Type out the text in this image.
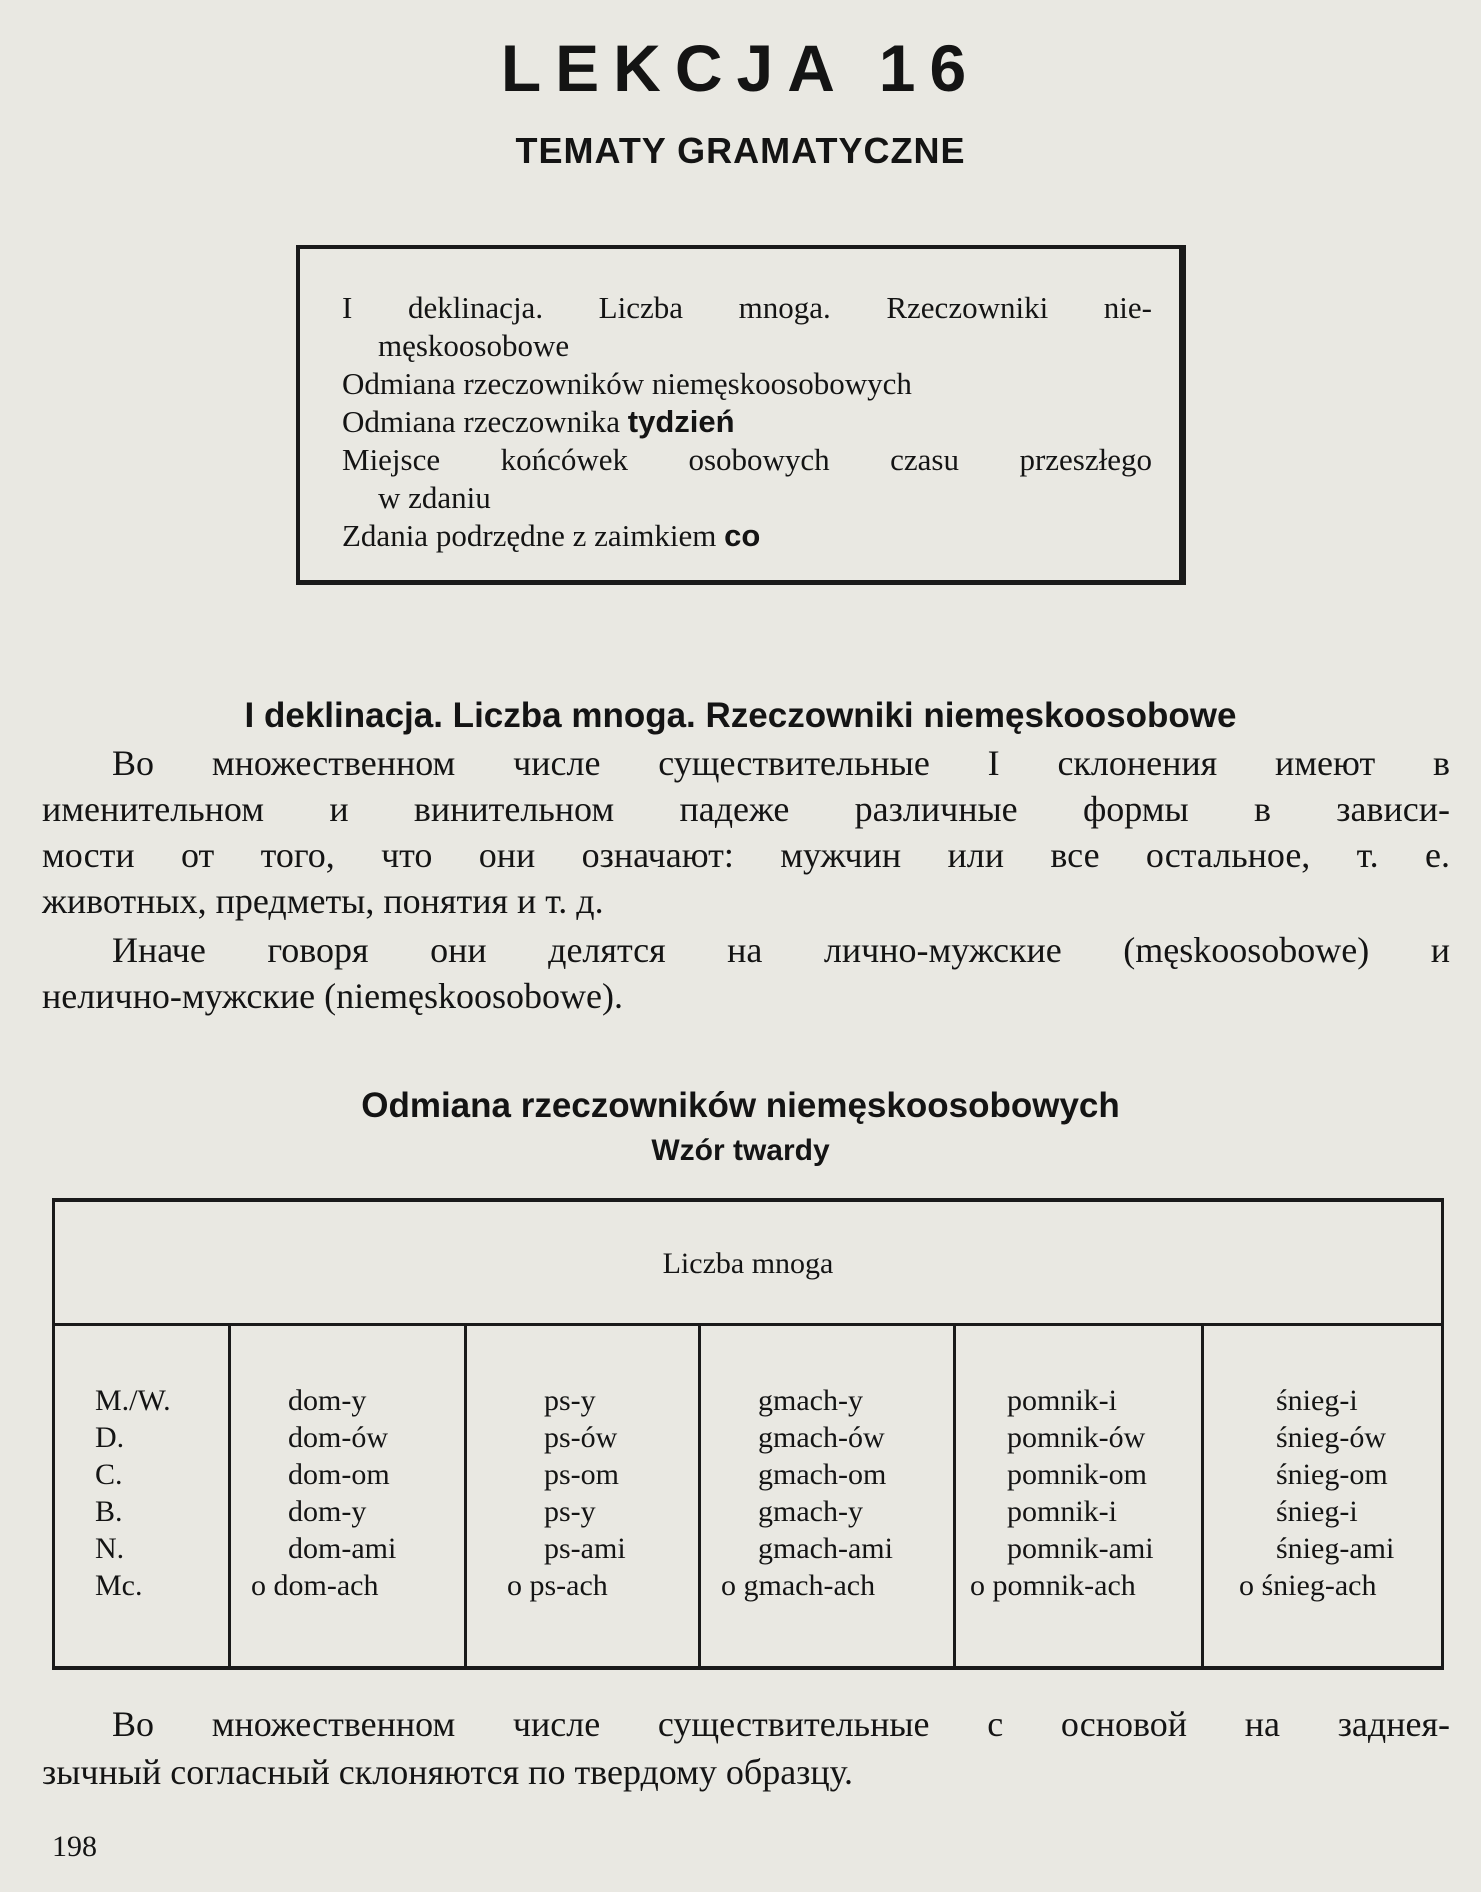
LEKCJA 16
TEMATY GRAMATYCZNE
I deklinacja. Liczba mnoga. Rzeczowniki nie-
męskoosobowe
Odmiana rzeczowników niemęskoosobowych
Odmiana rzeczownika tydzień
Miejsce końcówek osobowych czasu przeszłego
w zdaniu
Zdania podrzędne z zaimkiem co
I deklinacja. Liczba mnoga. Rzeczowniki niemęskoosobowe
Во множественном числе существительные I склонения имеют в
именительном и винительном падеже различные формы в зависи-
мости от того, что они означают: мужчин или все остальное, т. е.
животных, предметы, понятия и т. д.
Иначе говоря они делятся на лично-мужские (męskoosobowe) и
нелично-мужские (niemęskoosobowe).
Odmiana rzeczowników niemęskoosobowych
Wzór twardy
Liczba mnoga
M./W.
D.
C.
B.
N.
Mc.
dom-y
dom-ów
dom-om
dom-y
dom-ami
o dom-ach
ps-y
ps-ów
ps-om
ps-y
ps-ami
o ps-ach
gmach-y
gmach-ów
gmach-om
gmach-y
gmach-ami
o gmach-ach
pomnik-i
pomnik-ów
pomnik-om
pomnik-i
pomnik-ami
o pomnik-ach
śnieg-i
śnieg-ów
śnieg-om
śnieg-i
śnieg-ami
o śnieg-ach
Во множественном числе существительные с основой на заднея-
зычный согласный склоняются по твердому образцу.
198
